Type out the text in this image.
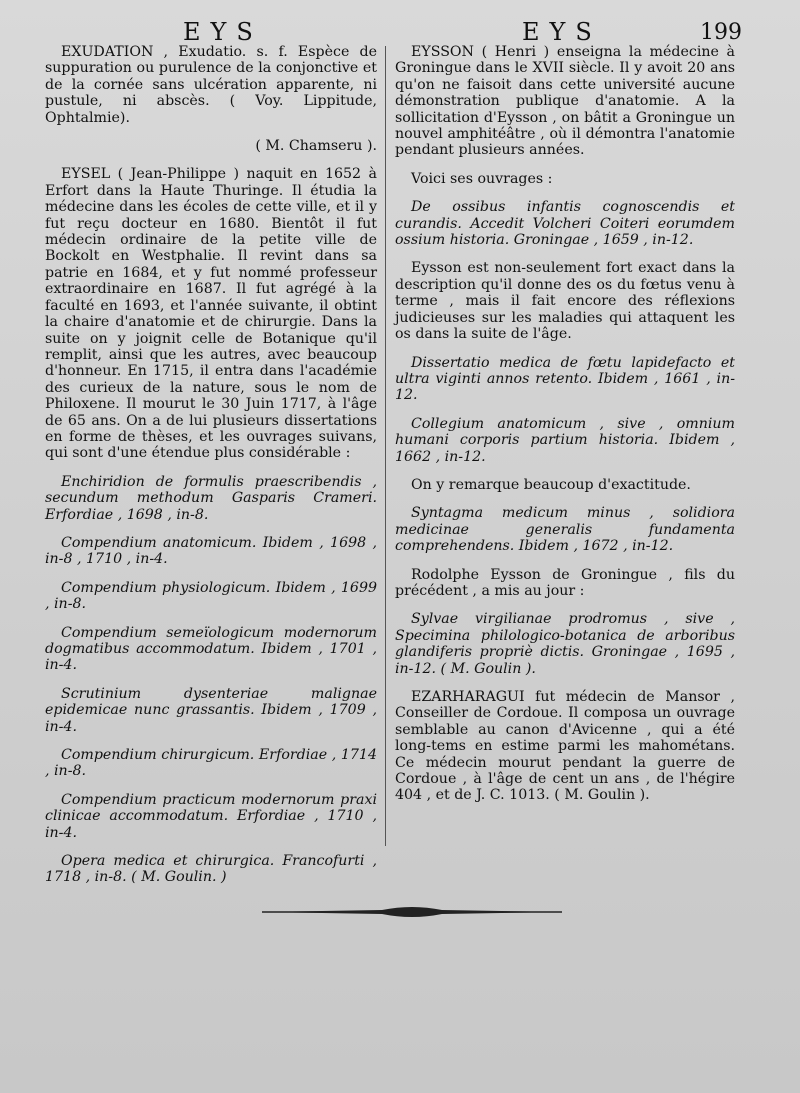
EYS	EYS	199

EXUDATION , Exudatio. s. f. Espèce de suppuration ou purulence de la conjonctive et de la cornée sans ulcération apparente, ni pustule, ni abscès. ( Voy. Lippitude, Ophtalmie).

( M. Chamseru ).

EYSEL ( Jean-Philippe ) naquit en 1652 à Erfort dans la Haute Thuringe. Il étudia la médecine dans les écoles de cette ville, et il y fut reçu docteur en 1680. Bientôt il fut médecin ordinaire de la petite ville de Bockolt en Westphalie. Il revint dans sa patrie en 1684, et y fut nommé professeur extraordinaire en 1687. Il fut agrégé à la faculté en 1693, et l'année suivante, il obtint la chaire d'anatomie et de chirurgie. Dans la suite on y joignit celle de Botanique qu'il remplit, ainsi que les autres, avec beaucoup d'honneur. En 1715, il entra dans l'académie des curieux de la nature, sous le nom de Philoxene. Il mourut le 30 Juin 1717, à l'âge de 65 ans. On a de lui plusieurs dissertations en forme de thèses, et les ouvrages suivans, qui sont d'une étendue plus considérable :

Enchiridion de formulis praescribendis , secundum methodum Gasparis Crameri. Erfordiae , 1698 , in-8.

Compendium anatomicum. Ibidem , 1698 , in-8 , 1710 , in-4.

Compendium physiologicum. Ibidem , 1699 , in-8.

Compendium semeïologicum modernorum dogmatibus accommodatum. Ibidem , 1701 , in-4.

Scrutinium dysenteriae malignae epidemicae nunc grassantis. Ibidem , 1709 , in-4.

Compendium chirurgicum. Erfordiae , 1714 , in-8.

Compendium practicum modernorum praxi clinicae accommodatum. Erfordiae , 1710 , in-4.

Opera medica et chirurgica. Francofurti , 1718 , in-8. ( M. Goulin. )

EYSSON ( Henri ) enseigna la médecine à Groningue dans le XVII siècle. Il y avoit 20 ans qu'on ne faisoit dans cette université aucune démonstration publique d'anatomie. A la sollicitation d'Eysson , on bâtit a Groningue un nouvel amphitéâtre , où il démontra l'anatomie pendant plusieurs années.

Voici ses ouvrages :

De ossibus infantis cognoscendis et curandis. Accedit Volcheri Coiteri eorumdem ossium historia. Groningae , 1659 , in-12.

Eysson est non-seulement fort exact dans la description qu'il donne des os du fœtus venu à terme , mais il fait encore des réflexions judicieuses sur les maladies qui attaquent les os dans la suite de l'âge.

Dissertatio medica de fœtu lapidefacto et ultra viginti annos retento. Ibidem , 1661 , in-12.

Collegium anatomicum , sive , omnium humani corporis partium historia. Ibidem , 1662 , in-12.

On y remarque beaucoup d'exactitude.

Syntagma medicum minus , solidiora medicinae generalis fundamenta comprehendens. Ibidem , 1672 , in-12.

Rodolphe Eysson de Groningue , fils du précédent , a mis au jour :

Sylvae virgilianae prodromus , sive , Specimina philologico-botanica de arboribus glandiferis propriè dictis. Groningae , 1695 , in-12. ( M. Goulin ).

EZARHARAGUI fut médecin de Mansor , Conseiller de Cordoue. Il composa un ouvrage semblable au canon d'Avicenne , qui a été long-tems en estime parmi les mahométans. Ce médecin mourut pendant la guerre de Cordoue , à l'âge de cent un ans , de l'hégire 404 , et de J. C. 1013. ( M. Goulin ).
